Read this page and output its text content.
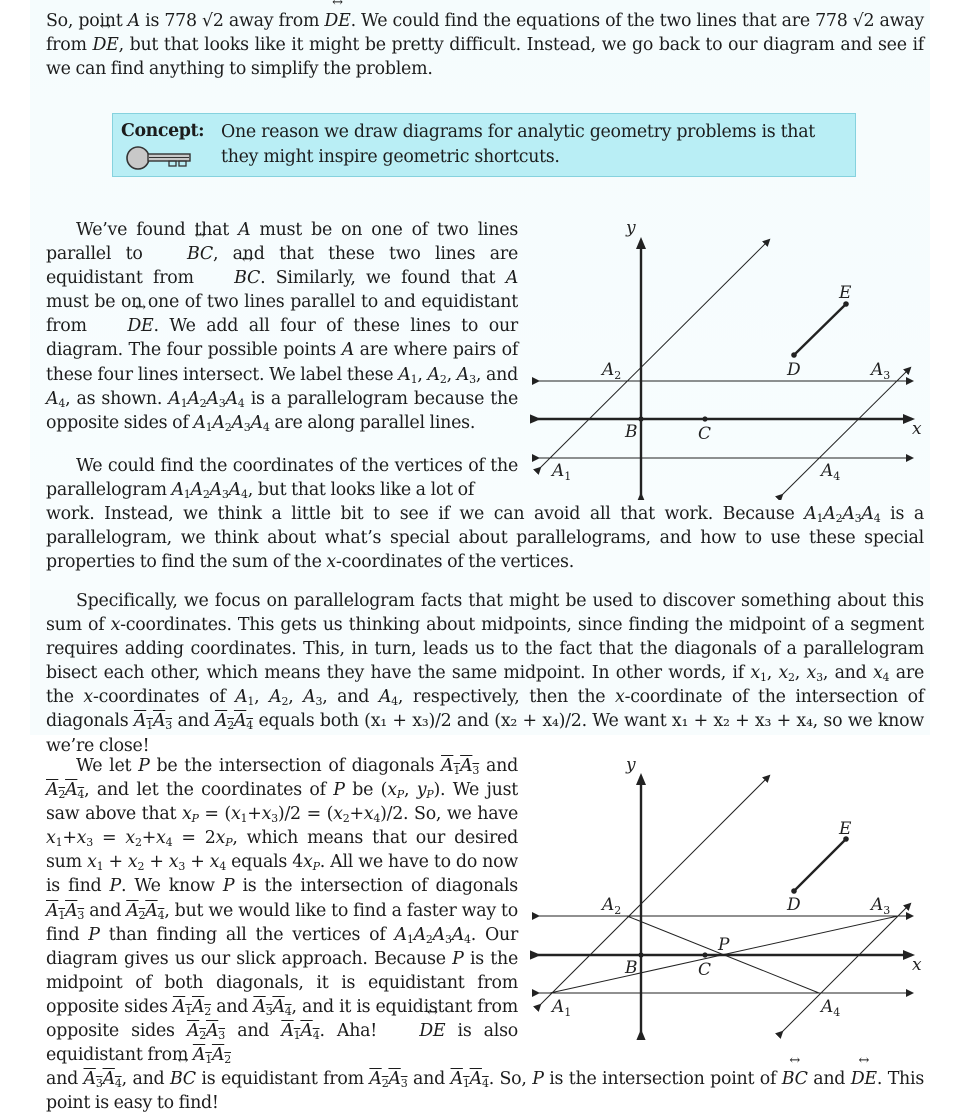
So, point A is 778 √2 away from ↔ DE. We could find the equations of the two lines that are 778 √2 away from ↔ DE, but that looks like it might be pretty difficult. Instead, we go back to our diagram and see if we can find anything to simplify the problem.

Concept: One reason we draw diagrams for analytic geometry problems is that they might inspire geometric shortcuts.

We’ve found that A must be on one of two lines parallel to ↔ BC, and that these two lines are equidistant from ↔ BC. Similarly, we found that A must be on one of two lines parallel to and equidistant from ↔ DE. We add all four of these lines to our diagram. The four possible points A are where pairs of these four lines intersect. We label these $A_1$, $A_2$, $A_3$, and $A_4$, as shown. $A_1A_2A_3A_4$ is a parallelogram because the opposite sides of $A_1A_2A_3A_4$ are along parallel lines.

We could find the coordinates of the vertices of the parallelogram $A_1A_2A_3A_4$, but that looks like a lot of

work. Instead, we think a little bit to see if we can avoid all that work. Because $A_1A_2A_3A_4$ is a parallelogram, we think about what’s special about parallelograms, and how to use these special properties to find the sum of the x-coordinates of the vertices.

Specifically, we focus on parallelogram facts that might be used to discover something about this sum of x-coordinates. This gets us thinking about midpoints, since finding the midpoint of a segment requires adding coordinates. This, in turn, leads us to the fact that the diagonals of a parallelogram bisect each other, which means they have the same midpoint. In other words, if $x_1$, $x_2$, $x_3$, and $x_4$ are the x-coordinates of $A_1$, $A_2$, $A_3$, and $A_4$, respectively, then the x-coordinate of the intersection of diagonals $A_1A_3$ and $A_2A_4$ equals both (x₁ + x₃)/2 and (x₂ + x₄)/2. We want x₁ + x₂ + x₃ + x₄, so we know we’re close!

We let P be the intersection of diagonals $A_1A_3$ and $A_2A_4$, and let the coordinates of P be ($x_P$, $y_P$). We just saw above that $x_P = (x_1+x_3)/2 = (x_2+x_4)/2$. So, we have $x_1+x_3 = x_2+x_4 = 2x_P$, which means that our desired sum $x_1 + x_2 + x_3 + x_4$ equals $4x_P$. All we have to do now is find P. We know P is the intersection of diagonals $A_1A_3$ and $A_2A_4$, but we would like to find a faster way to find P than finding all the vertices of $A_1A_2A_3A_4$. Our diagram gives us our slick approach. Because P is the midpoint of both diagonals, it is equidistant from opposite sides $A_1A_2$ and $A_3A_4$, and it is equidistant from opposite sides $A_2A_3$ and $A_1A_4$. Aha! ↔ DE is also equidistant from $A_1A_2$

and $A_3A_4$, and ↔ BC is equidistant from $A_2A_3$ and $A_1A_4$. So, P is the intersection point of ↔ BC and ↔ DE. This point is easy to find!

y
x
B	C
D
E
$A_1$
$A_2$	$A_3$
$A_4$
y
x
B	C
P
D
E
$A_1$
$A_2$	$A_3$
$A_4$
